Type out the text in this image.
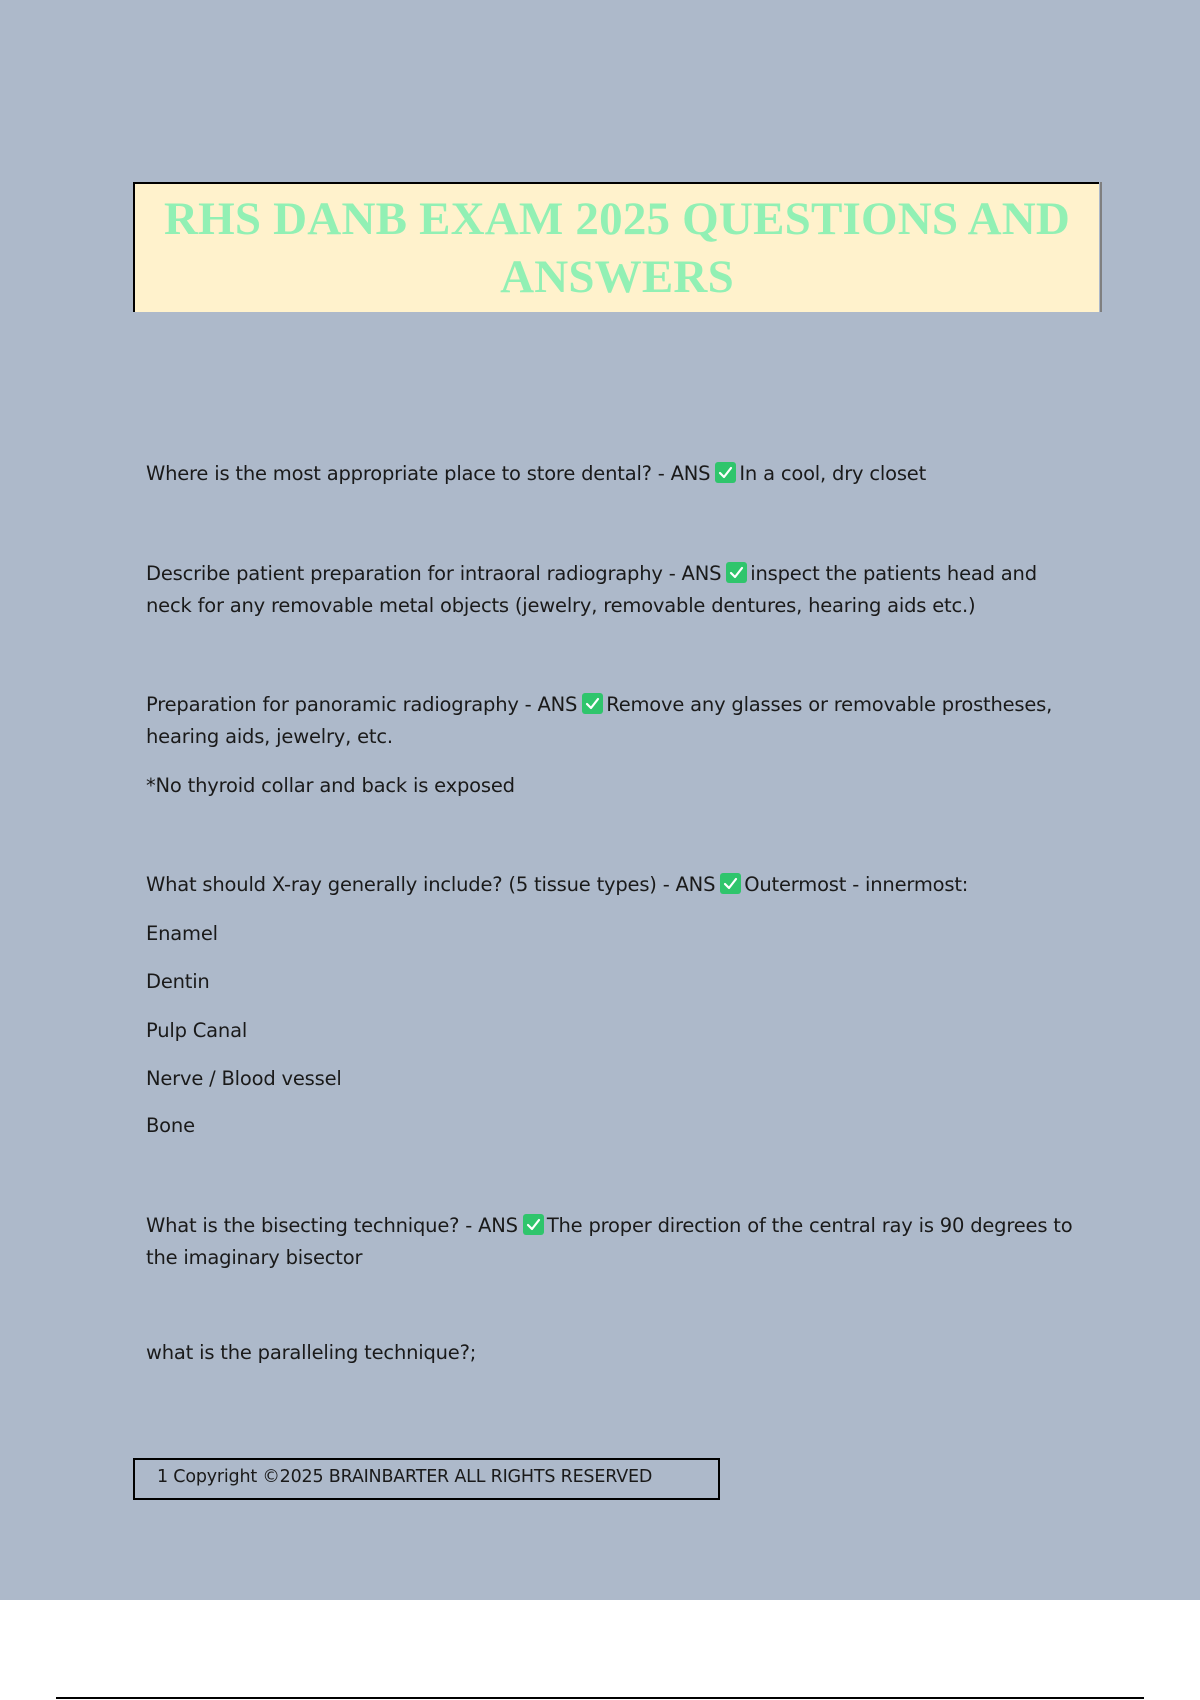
RHS DANB EXAM 2025 QUESTIONS AND ANSWERS

Where is the most appropriate place to store dental? - ANS In a cool, dry closet

Describe patient preparation for intraoral radiography - ANS inspect the patients head and neck for any removable metal objects (jewelry, removable dentures, hearing aids etc.)

Preparation for panoramic radiography - ANS Remove any glasses or removable prostheses, hearing aids, jewelry, etc.

*No thyroid collar and back is exposed

What should X-ray generally include? (5 tissue types) - ANS Outermost - innermost:

Enamel
Dentin
Pulp Canal
Nerve / Blood vessel
Bone

What is the bisecting technique? - ANS The proper direction of the central ray is 90 degrees to the imaginary bisector

what is the paralleling technique?;

1 Copyright ©2025 BRAINBARTER ALL RIGHTS RESERVED
